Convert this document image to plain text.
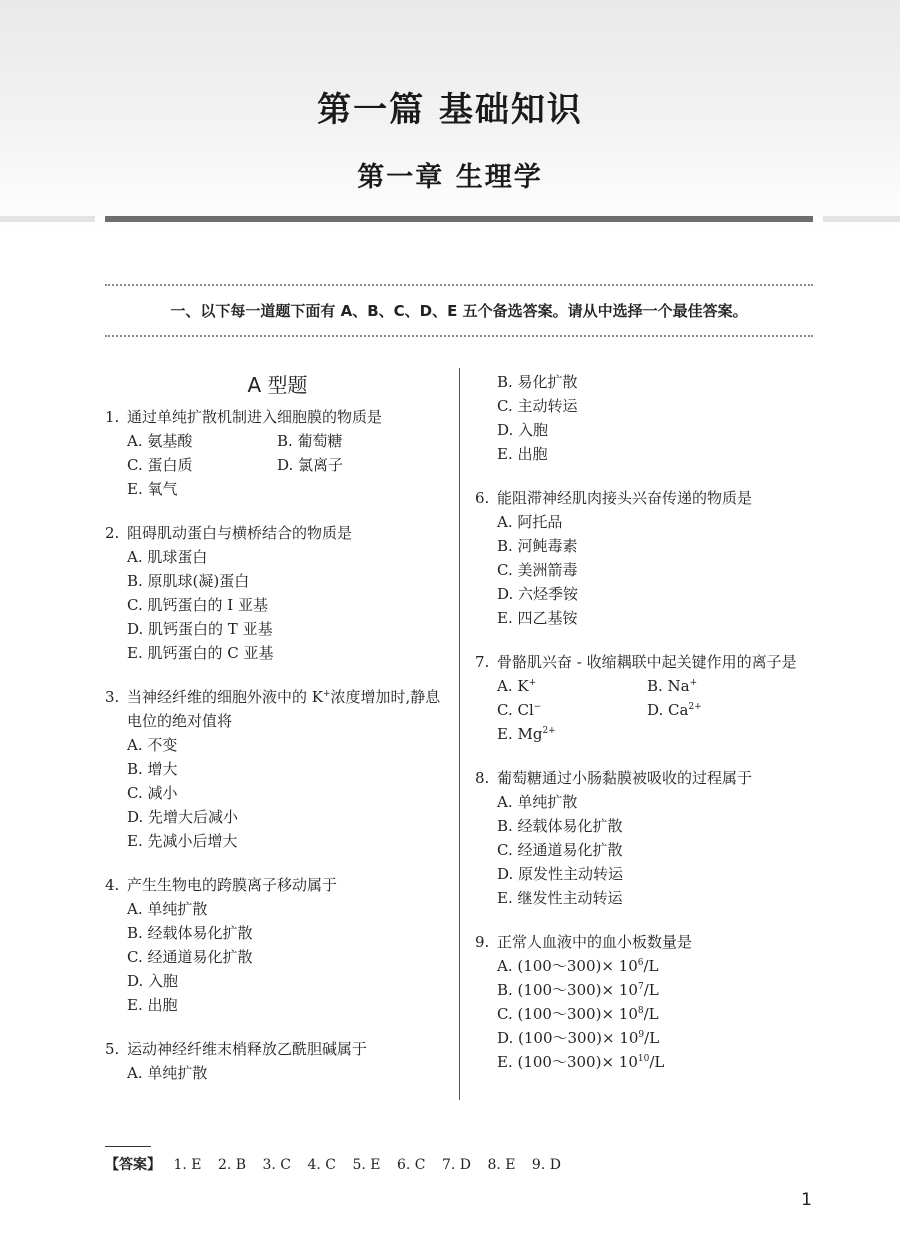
第一篇 基础知识
第一章 生理学
一、以下每一道题下面有 A、B、C、D、E 五个备选答案。请从中选择一个最佳答案。
A 型题
1. 通过单纯扩散机制进入细胞膜的物质是
A. 氨基酸	B. 葡萄糖
C. 蛋白质	D. 氯离子
E. 氧气
2. 阻碍肌动蛋白与横桥结合的物质是
A. 肌球蛋白
B. 原肌球(凝)蛋白
C. 肌钙蛋白的 I 亚基
D. 肌钙蛋白的 T 亚基
E. 肌钙蛋白的 C 亚基
3. 当神经纤维的细胞外液中的 K+浓度增加时,静息电位的绝对值将
A. 不变
B. 增大
C. 减小
D. 先增大后减小
E. 先减小后增大
4. 产生生物电的跨膜离子移动属于
A. 单纯扩散
B. 经载体易化扩散
C. 经通道易化扩散
D. 入胞
E. 出胞
5. 运动神经纤维末梢释放乙酰胆碱属于
A. 单纯扩散
B. 易化扩散
C. 主动转运
D. 入胞
E. 出胞
6. 能阻滞神经肌肉接头兴奋传递的物质是
A. 阿托品
B. 河鲀毒素
C. 美洲箭毒
D. 六烃季铵
E. 四乙基铵
7. 骨骼肌兴奋 - 收缩耦联中起关键作用的离子是
A. K+	B. Na+
C. Cl−	D. $Ca^{2+}$
E. $Mg^{2+}$
8. 葡萄糖通过小肠黏膜被吸收的过程属于
A. 单纯扩散
B. 经载体易化扩散
C. 经通道易化扩散
D. 原发性主动转运
E. 继发性主动转运
9. 正常人血液中的血小板数量是
A. (100～300)× $10^6/L$
B. (100～300)× $10^7/L$
C. (100～300)× $10^8/L$
D. (100～300)× $10^9/L$
E. (100～300)× $10^{10}/L$
【答案】 1. E 2. B 3. C 4. C 5. E 6. C 7. D 8. E 9. D
1
